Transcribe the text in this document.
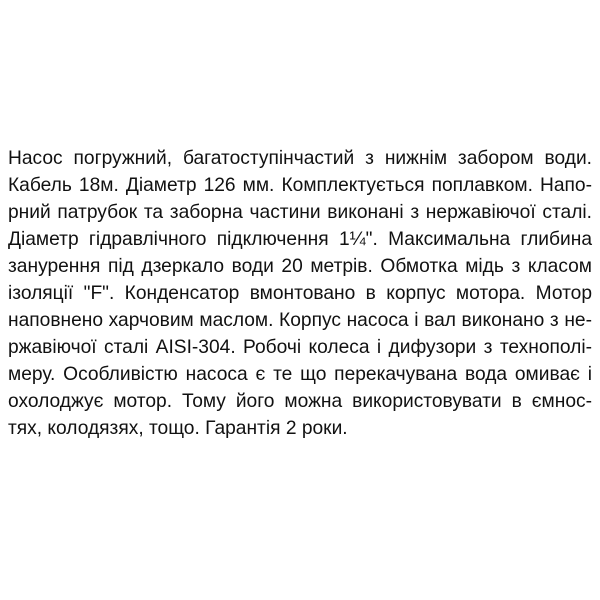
Насос погружний, багатоступінчастий з нижнім забором води.
Кабель 18м. Діаметр 126 мм. Комплектується поплавком. Напо-
рний патрубок та заборна частини виконані з нержавіючої сталі.
Діаметр гідравлічного підключення 1¼". Максимальна глибина
занурення під дзеркало води 20 метрів. Обмотка мідь з класом
ізоляції "F". Конденсатор вмонтовано в корпус мотора. Мотор
наповнено харчовим маслом. Корпус насоса і вал виконано з не-
ржавіючої сталі AISI-304. Робочі колеса і дифузори з технополі-
меру. Особливістю насоса є те що перекачувана вода омиває і
охолоджує мотор. Тому його можна використовувати в ємнос-
тях, колодязях, тощо. Гарантія 2 роки.
